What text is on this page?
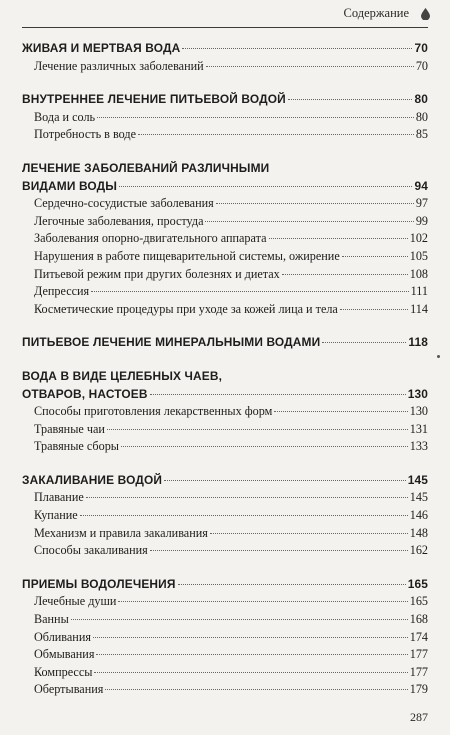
Содержание
ЖИВАЯ И МЕРТВАЯ ВОДА	70
Лечение различных заболеваний	70
ВНУТРЕННЕЕ ЛЕЧЕНИЕ ПИТЬЕВОЙ ВОДОЙ	80
Вода и соль	80
Потребность в воде	85
ЛЕЧЕНИЕ ЗАБОЛЕВАНИЙ РАЗЛИЧНЫМИ
ВИДАМИ ВОДЫ	94
Сердечно-сосудистые заболевания	97
Легочные заболевания, простуда	99
Заболевания опорно-двигательного аппарата	102
Нарушения в работе пищеварительной системы, ожирение	105
Питьевой режим при других болезнях и диетах	108
Депрессия	111
Косметические процедуры при уходе за кожей лица и тела	114
ПИТЬЕВОЕ ЛЕЧЕНИЕ МИНЕРАЛЬНЫМИ ВОДАМИ	118
ВОДА В ВИДЕ ЦЕЛЕБНЫХ ЧАЕВ,
ОТВАРОВ, НАСТОЕВ	130
Способы приготовления лекарственных форм	130
Травяные чаи	131
Травяные сборы	133
ЗАКАЛИВАНИЕ ВОДОЙ	145
Плавание	145
Купание	146
Механизм и правила закаливания	148
Способы закаливания	162
ПРИЕМЫ ВОДОЛЕЧЕНИЯ	165
Лечебные души	165
Ванны	168
Обливания	174
Обмывания	177
Компрессы	177
Обертывания	179
287
